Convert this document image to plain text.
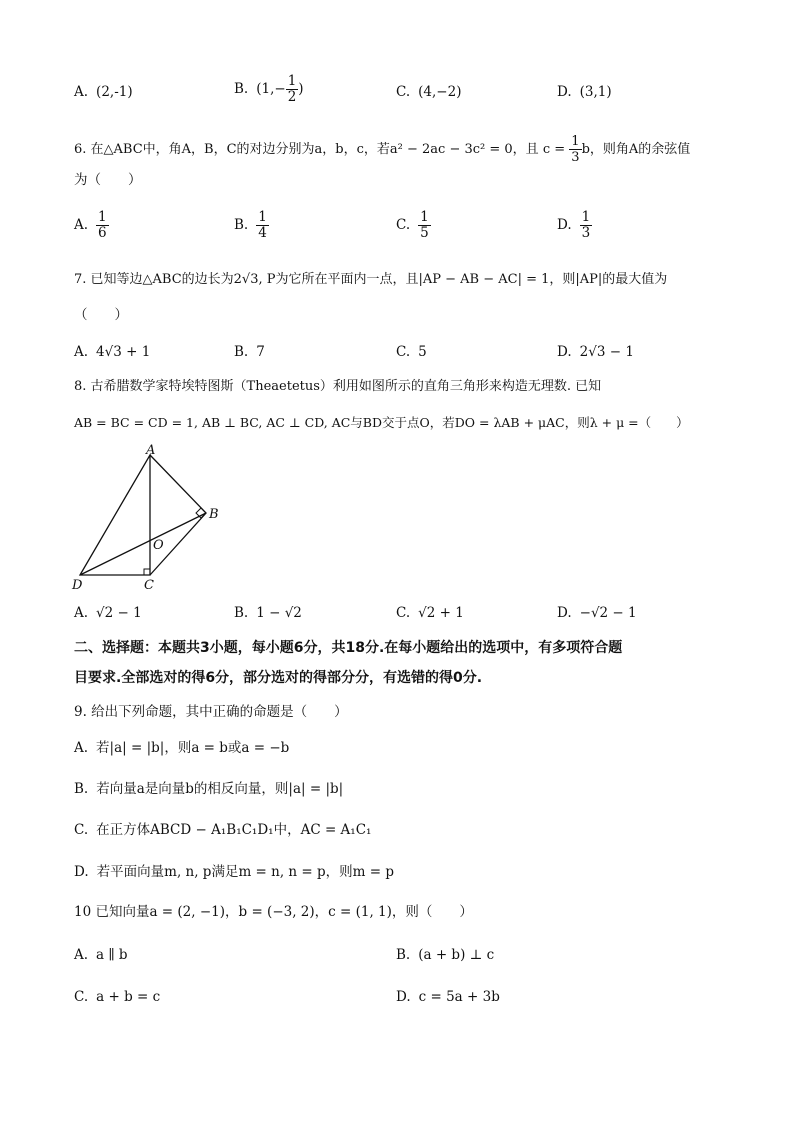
A. (2,-1)	B. ($1,- \frac{1}{2}$ )	C. (4,−2)	D. (3,1)
6. 在△ABC中，角A，B，C的对边分别为a，b，c，若a² − 2ac − 3c² = 0，且 $c = \frac{1}{3}$ b，则角A的余弦值
为（　　）
A. $\frac{1}{6}$	B. $\frac{1}{4}$	C. $\frac{1}{5}$	D. $\frac{1}{3}$
7. 已知等边△ABC的边长为2√3, P为它所在平面内一点，且|AP − AB − AC| = 1，则|AP|的最大值为
（　　）
A. 4√3 + 1	B. 7	C. 5	D. 2√3 − 1
8. 古希腊数学家特埃特图斯（Theaetetus）利用如图所示的直角三角形来构造无理数. 已知
AB = BC = CD = 1, AB ⊥ BC, AC ⊥ CD, AC与BD交于点O，若DO = λAB + μAC，则λ + μ =（　　）
A
B
C
D
O
A. √2 − 1	B. 1 − √2	C. √2 + 1	D. −√2 − 1
二、选择题：本题共3小题，每小题6分，共18分.在每小题给出的选项中，有多项符合题
目要求.全部选对的得6分，部分选对的得部分分，有选错的得0分.
9. 给出下列命题，其中正确的命题是（　　）
A. 若|a| = |b|，则a = b或a = −b
B. 若向量a是向量b的相反向量，则|a| = |b|
C. 在正方体ABCD − A₁B₁C₁D₁中，AC = A₁C₁
D. 若平面向量m, n, p满足m = n, n = p，则m = p
10 已知向量a = (2, −1)，b = (−3, 2)，c = (1, 1)，则（　　）
A. a ∥ b	B. (a + b) ⊥ c
C. a + b = c	D. c = 5a + 3b
